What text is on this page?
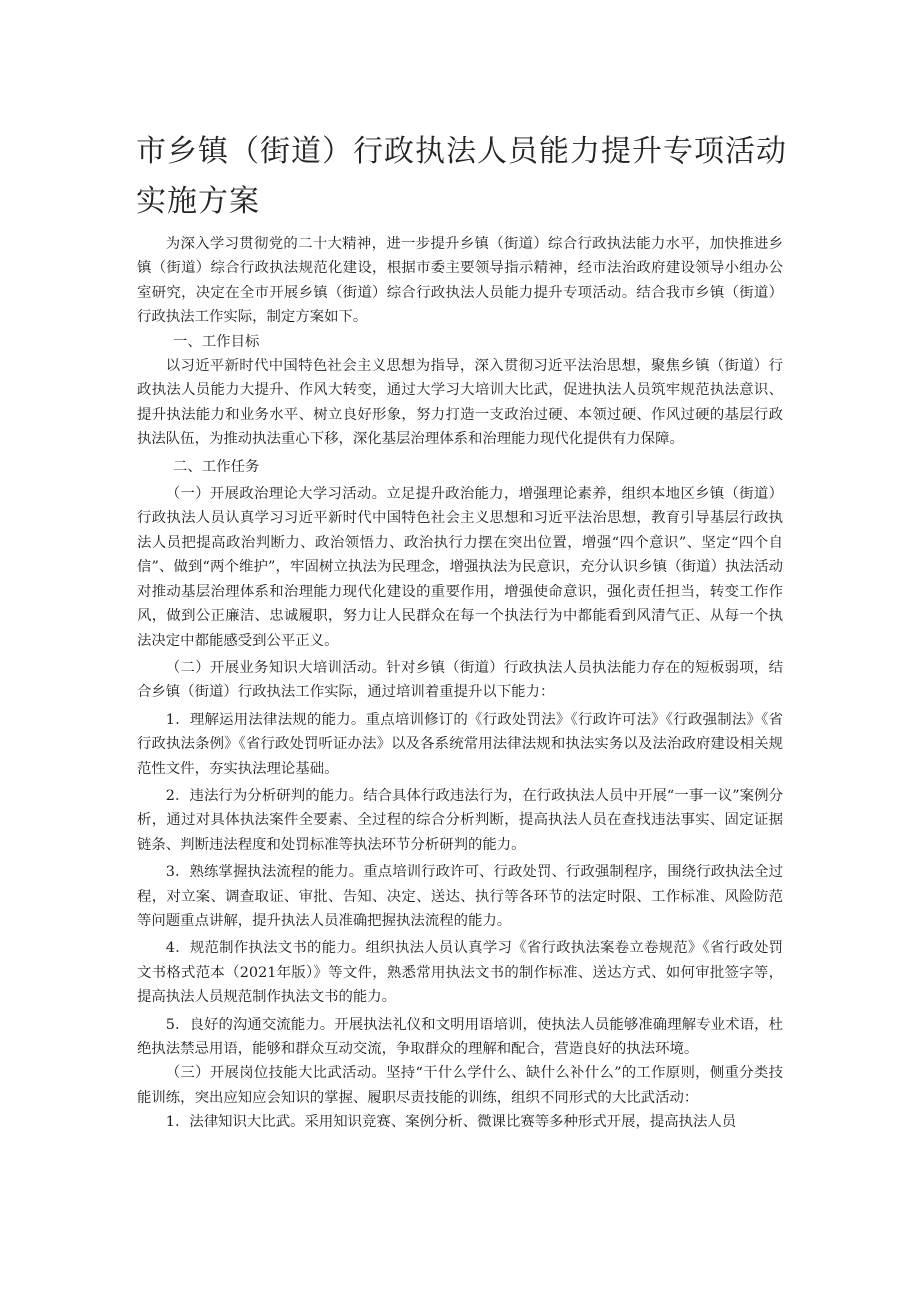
市乡镇（街道）行政执法人员能力提升专项活动实施方案

为深入学习贯彻党的二十大精神，进一步提升乡镇（街道）综合行政执法能力水平，加快推进乡镇（街道）综合行政执法规范化建设，根据市委主要领导指示精神，经市法治政府建设领导小组办公室研究，决定在全市开展乡镇（街道）综合行政执法人员能力提升专项活动。结合我市乡镇（街道）行政执法工作实际，制定方案如下。

一、工作目标

以习近平新时代中国特色社会主义思想为指导，深入贯彻习近平法治思想，聚焦乡镇（街道）行政执法人员能力大提升、作风大转变，通过大学习大培训大比武，促进执法人员筑牢规范执法意识、提升执法能力和业务水平、树立良好形象，努力打造一支政治过硬、本领过硬、作风过硬的基层行政执法队伍，为推动执法重心下移，深化基层治理体系和治理能力现代化提供有力保障。

二、工作任务

（一）开展政治理论大学习活动。立足提升政治能力，增强理论素养，组织本地区乡镇（街道）行政执法人员认真学习习近平新时代中国特色社会主义思想和习近平法治思想，教育引导基层行政执法人员把提高政治判断力、政治领悟力、政治执行力摆在突出位置，增强“四个意识”、坚定“四个自信”、做到“两个维护”，牢固树立执法为民理念，增强执法为民意识，充分认识乡镇（街道）执法活动对推动基层治理体系和治理能力现代化建设的重要作用，增强使命意识，强化责任担当，转变工作作风，做到公正廉洁、忠诚履职，努力让人民群众在每一个执法行为中都能看到风清气正、从每一个执法决定中都能感受到公平正义。

（二）开展业务知识大培训活动。针对乡镇（街道）行政执法人员执法能力存在的短板弱项，结合乡镇（街道）行政执法工作实际，通过培训着重提升以下能力：

1．理解运用法律法规的能力。重点培训修订的《行政处罚法》《行政许可法》《行政强制法》《省行政执法条例》《省行政处罚听证办法》以及各系统常用法律法规和执法实务以及法治政府建设相关规范性文件，夯实执法理论基础。

2．违法行为分析研判的能力。结合具体行政违法行为，在行政执法人员中开展“一事一议”案例分析，通过对具体执法案件全要素、全过程的综合分析判断，提高执法人员在查找违法事实、固定证据链条、判断违法程度和处罚标准等执法环节分析研判的能力。

3．熟练掌握执法流程的能力。重点培训行政许可、行政处罚、行政强制程序，围绕行政执法全过程，对立案、调查取证、审批、告知、决定、送达、执行等各环节的法定时限、工作标准、风险防范等问题重点讲解，提升执法人员准确把握执法流程的能力。

4．规范制作执法文书的能力。组织执法人员认真学习《省行政执法案卷立卷规范》《省行政处罚文书格式范本（2021年版）》等文件，熟悉常用执法文书的制作标准、送达方式、如何审批签字等，提高执法人员规范制作执法文书的能力。

5．良好的沟通交流能力。开展执法礼仪和文明用语培训，使执法人员能够准确理解专业术语，杜绝执法禁忌用语，能够和群众互动交流，争取群众的理解和配合，营造良好的执法环境。

（三）开展岗位技能大比武活动。坚持“干什么学什么、缺什么补什么”的工作原则，侧重分类技能训练，突出应知应会知识的掌握、履职尽责技能的训练，组织不同形式的大比武活动：

1．法律知识大比武。采用知识竞赛、案例分析、微课比赛等多种形式开展，提高执法人员
